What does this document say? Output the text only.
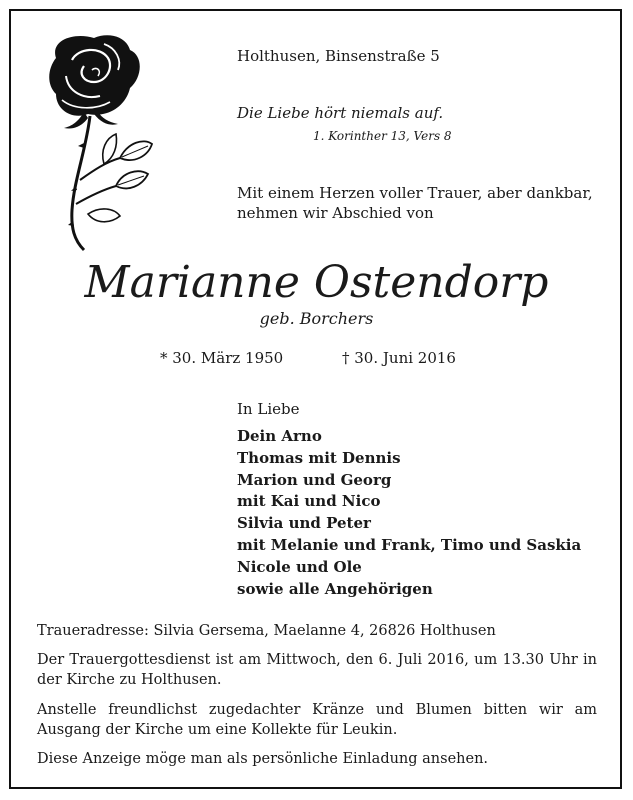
Holthusen, Binsenstraße 5
Die Liebe hört niemals auf.
1. Korinther 13, Vers 8
Mit einem Herzen voller Trauer, aber dankbar,
nehmen wir Abschied von
Marianne Ostendorp
geb. Borchers
* 30. März 1950	† 30. Juni 2016
In Liebe
Dein Arno
Thomas mit Dennis
Marion und Georg
mit Kai und Nico
Silvia und Peter
mit Melanie und Frank, Timo und Saskia
Nicole und Ole
sowie alle Angehörigen
Traueradresse: Silvia Gersema, Maelanne 4, 26826 Holthusen
Der Trauergottesdienst ist am Mittwoch, den 6. Juli 2016, um 13.30 Uhr in der Kirche zu Holthusen.
Anstelle freundlichst zugedachter Kränze und Blumen bitten wir am Ausgang der Kirche um eine Kollekte für Leukin.
Diese Anzeige möge man als persönliche Einladung ansehen.
